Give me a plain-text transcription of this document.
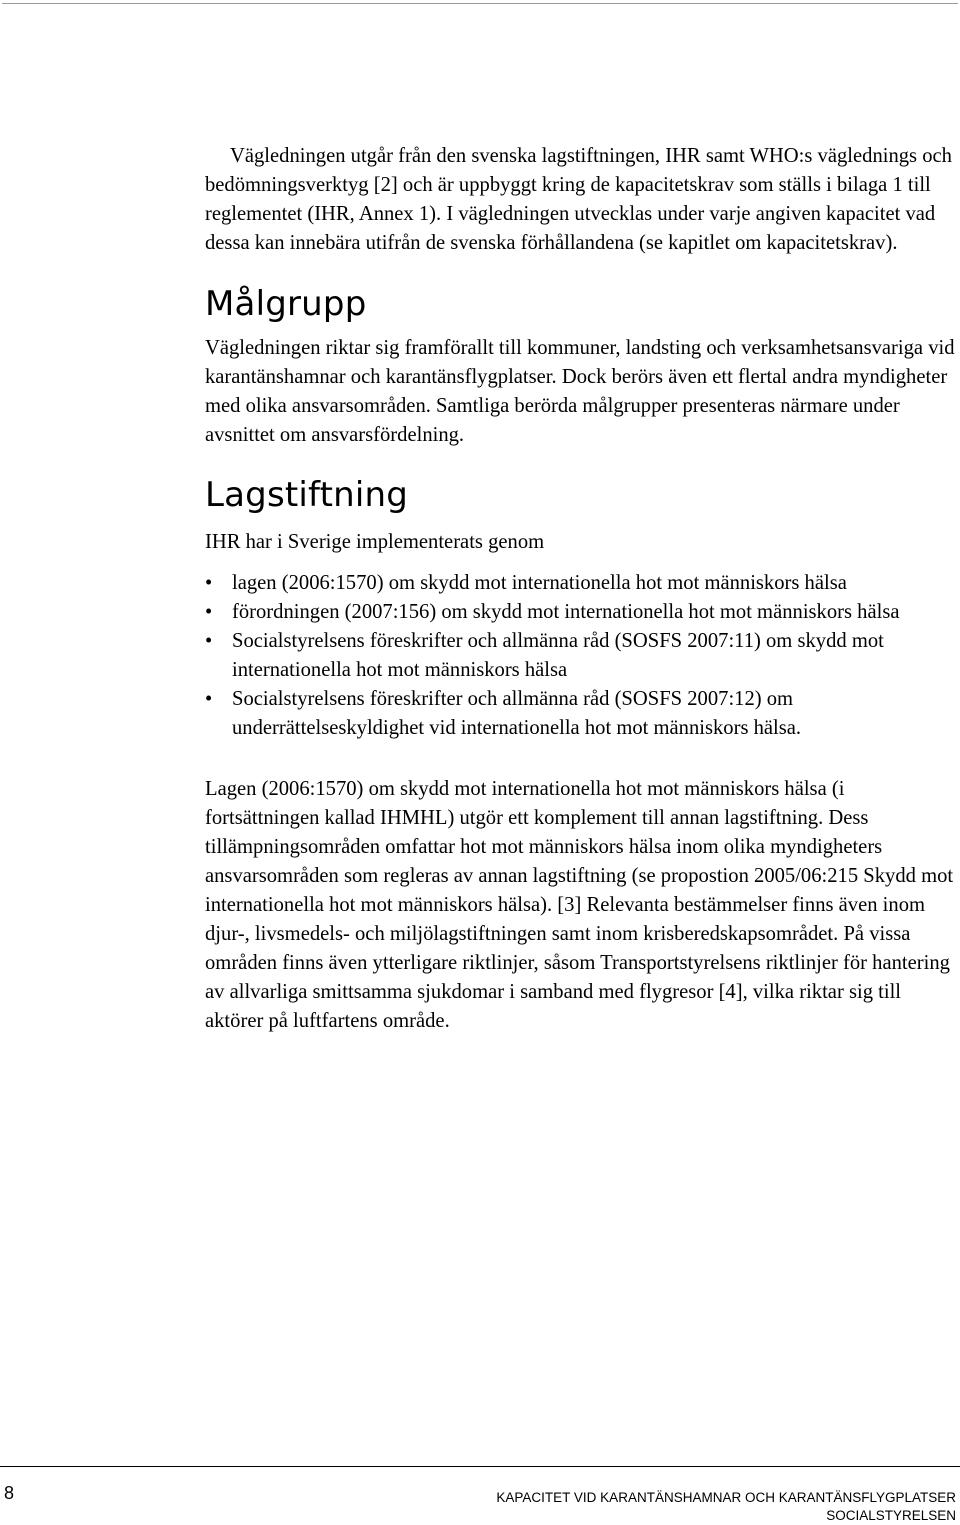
Vägledningen utgår från den svenska lagstiftningen, IHR samt WHO:s väglednings och bedömningsverktyg [2] och är uppbyggt kring de kapacitetskrav som ställs i bilaga 1 till reglementet (IHR, Annex 1). I vägledningen utvecklas under varje angiven kapacitet vad dessa kan innebära utifrån de svenska förhållandena (se kapitlet om kapacitetskrav).

Målgrupp

Vägledningen riktar sig framförallt till kommuner, landsting och verksamhetsansvariga vid karantänshamnar och karantänsflygplatser. Dock berörs även ett flertal andra myndigheter med olika ansvarsområden. Samtliga berörda målgrupper presenteras närmare under avsnittet om ansvarsfördelning.

Lagstiftning

IHR har i Sverige implementerats genom

• lagen (2006:1570) om skydd mot internationella hot mot människors hälsa
• förordningen (2007:156) om skydd mot internationella hot mot människors hälsa
• Socialstyrelsens föreskrifter och allmänna råd (SOSFS 2007:11) om skydd mot internationella hot mot människors hälsa
• Socialstyrelsens föreskrifter och allmänna råd (SOSFS 2007:12) om underrättelseskyldighet vid internationella hot mot människors hälsa.

Lagen (2006:1570) om skydd mot internationella hot mot människors hälsa (i fortsättningen kallad IHMHL) utgör ett komplement till annan lagstiftning. Dess tillämpningsområden omfattar hot mot människors hälsa inom olika myndigheters ansvarsområden som regleras av annan lagstiftning (se propostion 2005/06:215 Skydd mot internationella hot mot människors hälsa). [3] Relevanta bestämmelser finns även inom djur-, livsmedels- och miljölagstiftningen samt inom krisberedskapsområdet. På vissa områden finns även ytterligare riktlinjer, såsom Transportstyrelsens riktlinjer för hantering av allvarliga smittsamma sjukdomar i samband med flygresor [4], vilka riktar sig till aktörer på luftfartens område.

8	KAPACITET VID KARANTÄNSHAMNAR OCH KARANTÄNSFLYGPLATSER
SOCIALSTYRELSEN
